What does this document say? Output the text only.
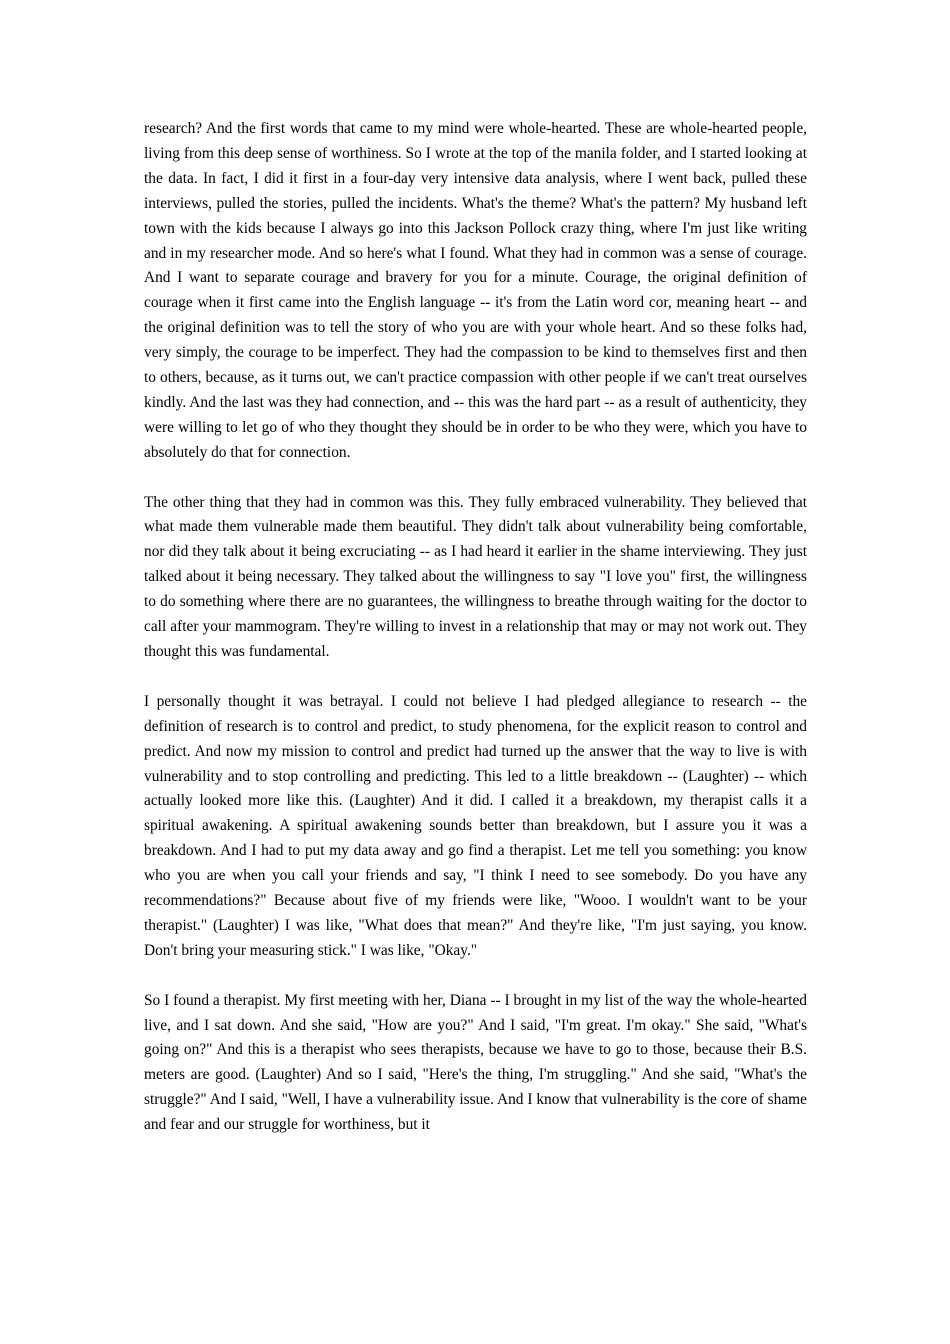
research? And the first words that came to my mind were whole-hearted. These are whole-hearted people, living from this deep sense of worthiness. So I wrote at the top of the manila folder, and I started looking at the data. In fact, I did it first in a four-day very intensive data analysis, where I went back, pulled these interviews, pulled the stories, pulled the incidents. What's the theme? What's the pattern? My husband left town with the kids because I always go into this Jackson Pollock crazy thing, where I'm just like writing and in my researcher mode. And so here's what I found. What they had in common was a sense of courage. And I want to separate courage and bravery for you for a minute. Courage, the original definition of courage when it first came into the English language -- it's from the Latin word cor, meaning heart -- and the original definition was to tell the story of who you are with your whole heart. And so these folks had, very simply, the courage to be imperfect. They had the compassion to be kind to themselves first and then to others, because, as it turns out, we can't practice compassion with other people if we can't treat ourselves kindly. And the last was they had connection, and -- this was the hard part -- as a result of authenticity, they were willing to let go of who they thought they should be in order to be who they were, which you have to absolutely do that for connection.

The other thing that they had in common was this. They fully embraced vulnerability. They believed that what made them vulnerable made them beautiful. They didn't talk about vulnerability being comfortable, nor did they talk about it being excruciating -- as I had heard it earlier in the shame interviewing. They just talked about it being necessary. They talked about the willingness to say "I love you" first, the willingness to do something where there are no guarantees, the willingness to breathe through waiting for the doctor to call after your mammogram. They're willing to invest in a relationship that may or may not work out. They thought this was fundamental.

I personally thought it was betrayal. I could not believe I had pledged allegiance to research -- the definition of research is to control and predict, to study phenomena, for the explicit reason to control and predict. And now my mission to control and predict had turned up the answer that the way to live is with vulnerability and to stop controlling and predicting. This led to a little breakdown -- (Laughter) -- which actually looked more like this. (Laughter) And it did. I called it a breakdown, my therapist calls it a spiritual awakening. A spiritual awakening sounds better than breakdown, but I assure you it was a breakdown. And I had to put my data away and go find a therapist. Let me tell you something: you know who you are when you call your friends and say, "I think I need to see somebody. Do you have any recommendations?" Because about five of my friends were like, "Wooo. I wouldn't want to be your therapist." (Laughter) I was like, "What does that mean?" And they're like, "I'm just saying, you know. Don't bring your measuring stick." I was like, "Okay."

So I found a therapist. My first meeting with her, Diana -- I brought in my list of the way the whole-hearted live, and I sat down. And she said, "How are you?" And I said, "I'm great. I'm okay." She said, "What's going on?" And this is a therapist who sees therapists, because we have to go to those, because their B.S. meters are good. (Laughter) And so I said, "Here's the thing, I'm struggling." And she said, "What's the struggle?" And I said, "Well, I have a vulnerability issue. And I know that vulnerability is the core of shame and fear and our struggle for worthiness, but it
